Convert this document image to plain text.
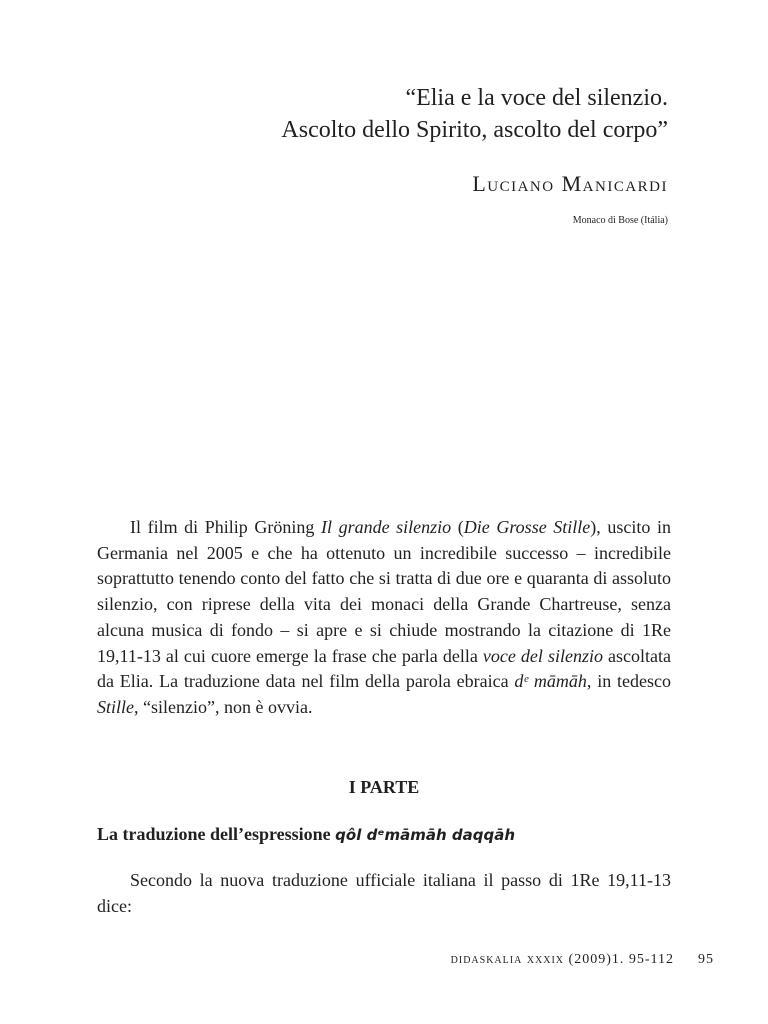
“Elia e la voce del silenzio.
Ascolto dello Spirito, ascolto del corpo”
Luciano Manicardi
Monaco di Bose (Itália)

Il film di Philip Gröning Il grande silenzio (Die Grosse Stille), uscito in Germania nel 2005 e che ha ottenuto un incredibile successo – incredibile soprattutto tenendo conto del fatto che si tratta di due ore e quaranta di assoluto silenzio, con riprese della vita dei monaci della Grande Chartreuse, senza alcuna musica di fondo – si apre e si chiude mostrando la citazione di 1Re 19,11-13 al cui cuore emerge la frase che parla della voce del silenzio ascoltata da Elia. La traduzione data nel film della parola ebraica dᵉ māmāh, in tedesco Stille, “silenzio”, non è ovvia.

I PARTE
La traduzione dell’espressione qôl dᵉmāmāh daqqāh

Secondo la nuova traduzione ufficiale italiana il passo di 1Re 19,11-13 dice:

didaskalia xxxix (2009)1. 95-112 95
